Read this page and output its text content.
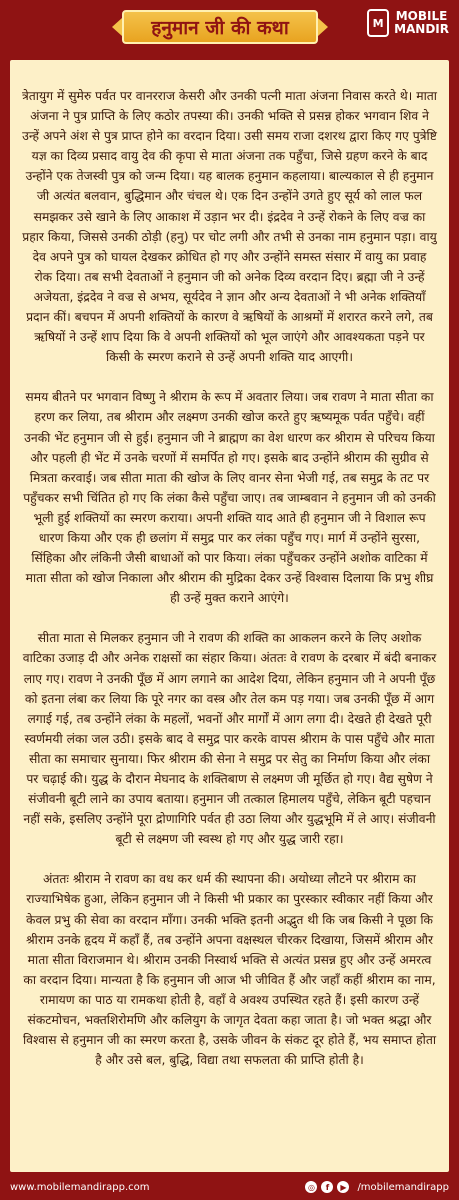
हनुमान जी की कथा	M	MOBILE
MANDIR

त्रेतायुग में सुमेरु पर्वत पर वानरराज केसरी और उनकी पत्नी माता अंजना निवास करते थे। माता अंजना ने पुत्र प्राप्ति के लिए कठोर तपस्या की। उनकी भक्ति से प्रसन्न होकर भगवान शिव ने उन्हें अपने अंश से पुत्र प्राप्त होने का वरदान दिया। उसी समय राजा दशरथ द्वारा किए गए पुत्रेष्टि यज्ञ का दिव्य प्रसाद वायु देव की कृपा से माता अंजना तक पहुँचा, जिसे ग्रहण करने के बाद उन्होंने एक तेजस्वी पुत्र को जन्म दिया। यह बालक हनुमान कहलाया। बाल्यकाल से ही हनुमान जी अत्यंत बलवान, बुद्धिमान और चंचल थे। एक दिन उन्होंने उगते हुए सूर्य को लाल फल समझकर उसे खाने के लिए आकाश में उड़ान भर दी। इंद्रदेव ने उन्हें रोकने के लिए वज्र का प्रहार किया, जिससे उनकी ठोड़ी (हनु) पर चोट लगी और तभी से उनका नाम हनुमान पड़ा। वायु देव अपने पुत्र को घायल देखकर क्रोधित हो गए और उन्होंने समस्त संसार में वायु का प्रवाह रोक दिया। तब सभी देवताओं ने हनुमान जी को अनेक दिव्य वरदान दिए। ब्रह्मा जी ने उन्हें अजेयता, इंद्रदेव ने वज्र से अभय, सूर्यदेव ने ज्ञान और अन्य देवताओं ने भी अनेक शक्तियाँ प्रदान कीं। बचपन में अपनी शक्तियों के कारण वे ऋषियों के आश्रमों में शरारत करने लगे, तब ऋषियों ने उन्हें शाप दिया कि वे अपनी शक्तियों को भूल जाएंगे और आवश्यकता पड़ने पर किसी के स्मरण कराने से उन्हें अपनी शक्ति याद आएगी।

समय बीतने पर भगवान विष्णु ने श्रीराम के रूप में अवतार लिया। जब रावण ने माता सीता का हरण कर लिया, तब श्रीराम और लक्ष्मण उनकी खोज करते हुए ऋष्यमूक पर्वत पहुँचे। वहीं उनकी भेंट हनुमान जी से हुई। हनुमान जी ने ब्राह्मण का वेश धारण कर श्रीराम से परिचय किया और पहली ही भेंट में उनके चरणों में समर्पित हो गए। इसके बाद उन्होंने श्रीराम की सुग्रीव से मित्रता करवाई। जब सीता माता की खोज के लिए वानर सेना भेजी गई, तब समुद्र के तट पर पहुँचकर सभी चिंतित हो गए कि लंका कैसे पहुँचा जाए। तब जाम्बवान ने हनुमान जी को उनकी भूली हुई शक्तियों का स्मरण कराया। अपनी शक्ति याद आते ही हनुमान जी ने विशाल रूप धारण किया और एक ही छलांग में समुद्र पार कर लंका पहुँच गए। मार्ग में उन्होंने सुरसा, सिंहिका और लंकिनी जैसी बाधाओं को पार किया। लंका पहुँचकर उन्होंने अशोक वाटिका में माता सीता को खोज निकाला और श्रीराम की मुद्रिका देकर उन्हें विश्वास दिलाया कि प्रभु शीघ्र ही उन्हें मुक्त कराने आएंगे।

सीता माता से मिलकर हनुमान जी ने रावण की शक्ति का आकलन करने के लिए अशोक वाटिका उजाड़ दी और अनेक राक्षसों का संहार किया। अंततः वे रावण के दरबार में बंदी बनाकर लाए गए। रावण ने उनकी पूँछ में आग लगाने का आदेश दिया, लेकिन हनुमान जी ने अपनी पूँछ को इतना लंबा कर लिया कि पूरे नगर का वस्त्र और तेल कम पड़ गया। जब उनकी पूँछ में आग लगाई गई, तब उन्होंने लंका के महलों, भवनों और मार्गों में आग लगा दी। देखते ही देखते पूरी स्वर्णमयी लंका जल उठी। इसके बाद वे समुद्र पार करके वापस श्रीराम के पास पहुँचे और माता सीता का समाचार सुनाया। फिर श्रीराम की सेना ने समुद्र पर सेतु का निर्माण किया और लंका पर चढ़ाई की। युद्ध के दौरान मेघनाद के शक्तिबाण से लक्ष्मण जी मूर्छित हो गए। वैद्य सुषेण ने संजीवनी बूटी लाने का उपाय बताया। हनुमान जी तत्काल हिमालय पहुँचे, लेकिन बूटी पहचान नहीं सके, इसलिए उन्होंने पूरा द्रोणागिरि पर्वत ही उठा लिया और युद्धभूमि में ले आए। संजीवनी बूटी से लक्ष्मण जी स्वस्थ हो गए और युद्ध जारी रहा।

अंततः श्रीराम ने रावण का वध कर धर्म की स्थापना की। अयोध्या लौटने पर श्रीराम का राज्याभिषेक हुआ, लेकिन हनुमान जी ने किसी भी प्रकार का पुरस्कार स्वीकार नहीं किया और केवल प्रभु की सेवा का वरदान माँगा। उनकी भक्ति इतनी अद्भुत थी कि जब किसी ने पूछा कि श्रीराम उनके हृदय में कहाँ हैं, तब उन्होंने अपना वक्षस्थल चीरकर दिखाया, जिसमें श्रीराम और माता सीता विराजमान थे। श्रीराम उनकी निस्वार्थ भक्ति से अत्यंत प्रसन्न हुए और उन्हें अमरत्व का वरदान दिया। मान्यता है कि हनुमान जी आज भी जीवित हैं और जहाँ कहीं श्रीराम का नाम, रामायण का पाठ या रामकथा होती है, वहाँ वे अवश्य उपस्थित रहते हैं। इसी कारण उन्हें संकटमोचन, भक्तशिरोमणि और कलियुग के जागृत देवता कहा जाता है। जो भक्त श्रद्धा और विश्वास से हनुमान जी का स्मरण करता है, उसके जीवन के संकट दूर होते हैं, भय समाप्त होता है और उसे बल, बुद्धि, विद्या तथा सफलता की प्राप्ति होती है।

www.mobilemandirapp.com	◎	f	▶ /mobilemandirapp
